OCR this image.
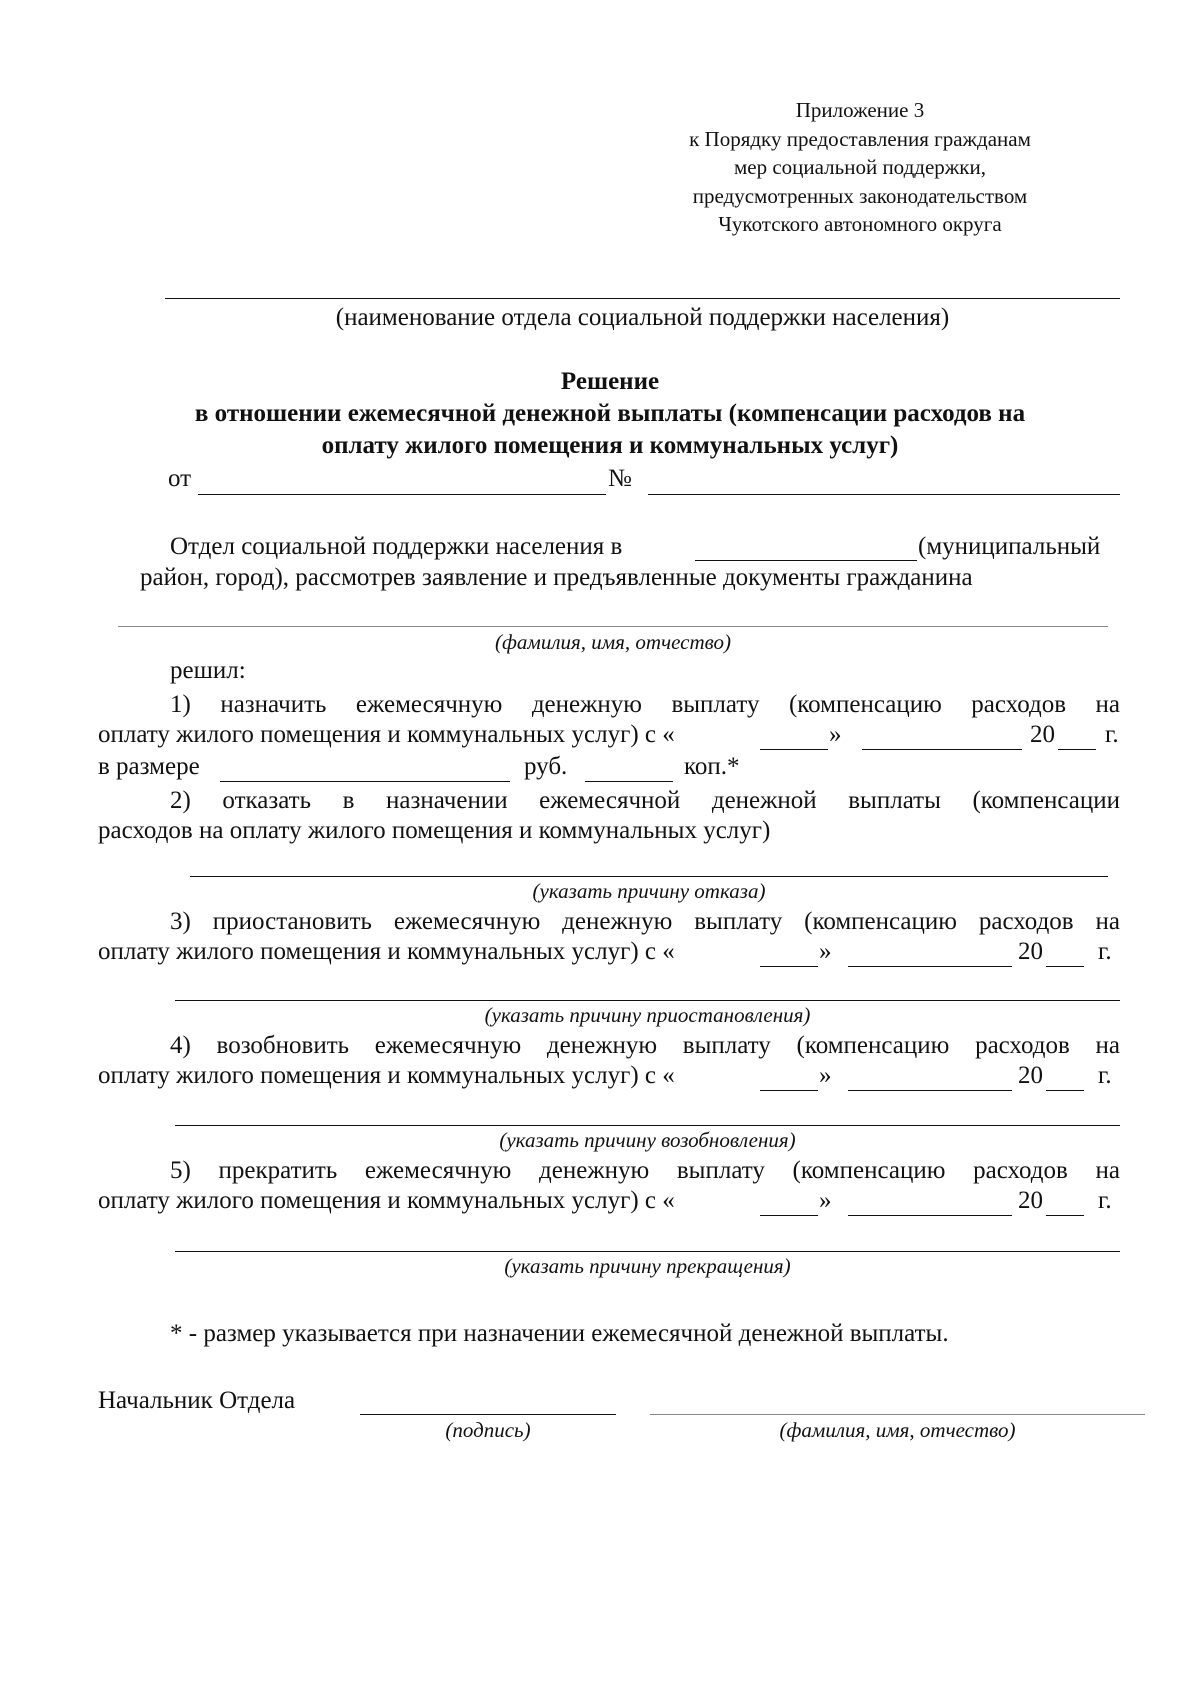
Приложение 3
к Порядку предоставления гражданам
мер социальной поддержки,
предусмотренных законодательством
Чукотского автономного округа
(наименование отдела социальной поддержки населения)
Решение
в отношении ежемесячной денежной выплаты (компенсации расходов на
оплату жилого помещения и коммунальных услуг)
от	№
Отдел социальной поддержки населения в	(муниципальный
район, город), рассмотрев заявление и предъявленные документы гражданина
(фамилия, имя, отчество)
решил:
1) назначить ежемесячную денежную выплату (компенсацию расходов на
оплату жилого помещения и коммунальных услуг) с «	»	20 г.
в размере	руб.	коп.*
2) отказать в назначении ежемесячной денежной выплаты (компенсации
расходов на оплату жилого помещения и коммунальных услуг)
(указать причину отказа)
3) приостановить ежемесячную денежную выплату (компенсацию расходов на
оплату жилого помещения и коммунальных услуг) с «	»	20 г.
(указать причину приостановления)
4) возобновить ежемесячную денежную выплату (компенсацию расходов на
оплату жилого помещения и коммунальных услуг) с «	»	20 г.
(указать причину возобновления)
5) прекратить ежемесячную денежную выплату (компенсацию расходов на
оплату жилого помещения и коммунальных услуг) с «	»	20 г.
(указать причину прекращения)
* - размер указывается при назначении ежемесячной денежной выплаты.
Начальник Отдела
(подпись)	(фамилия, имя, отчество)
